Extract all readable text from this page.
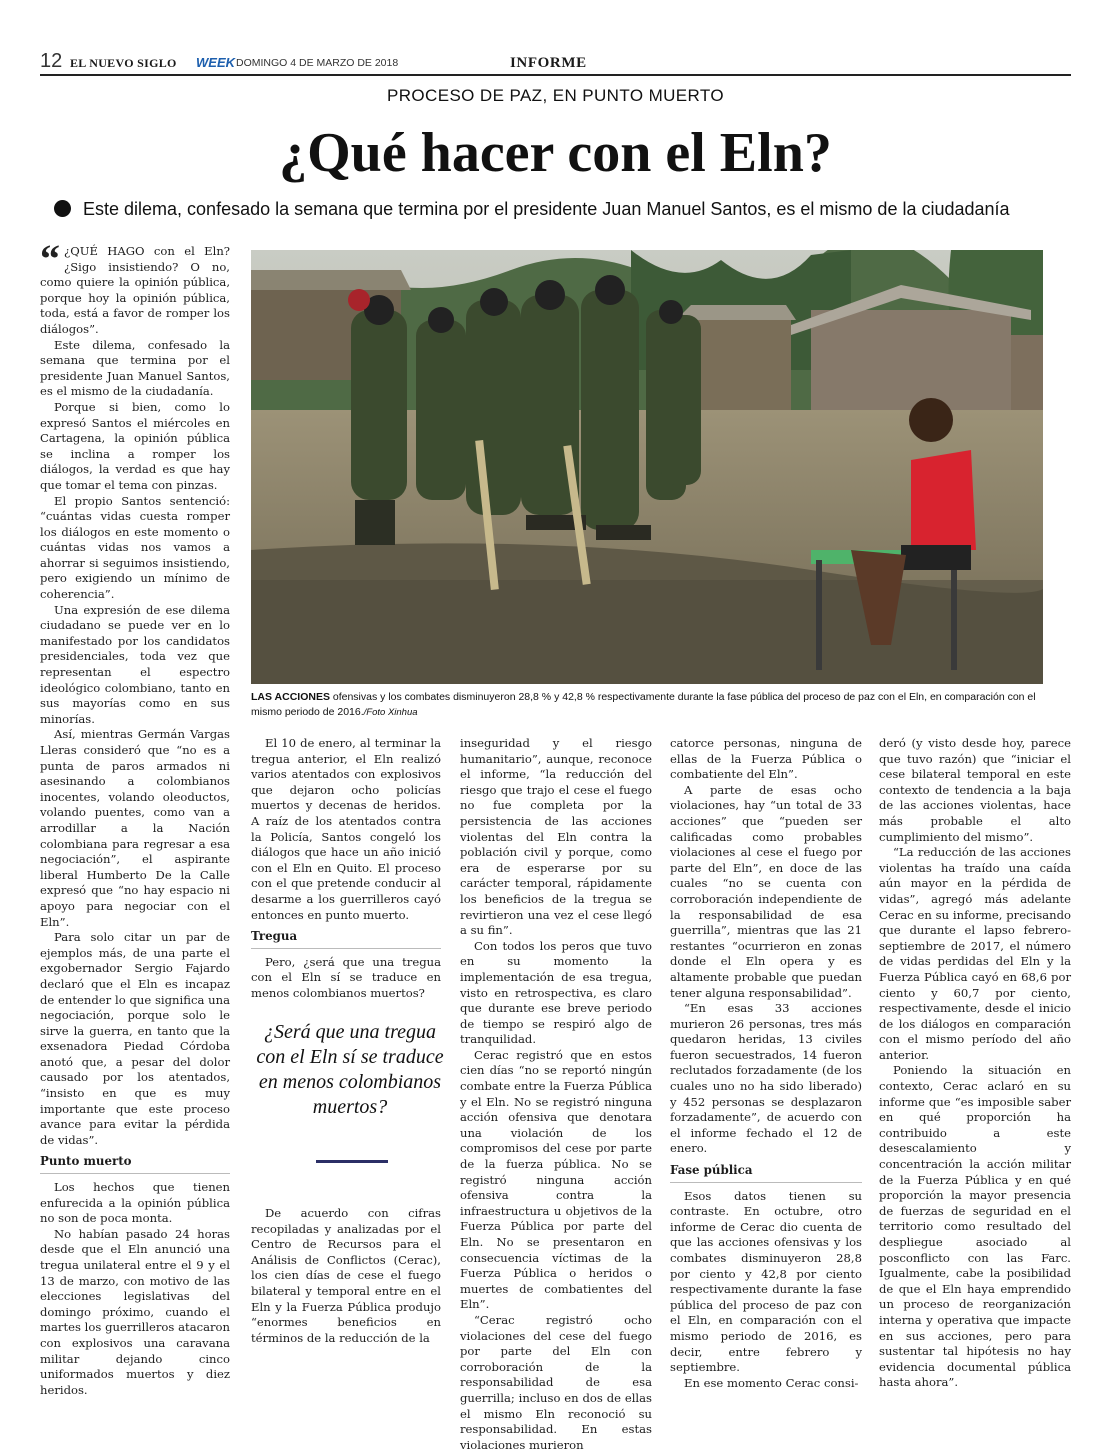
12 EL NUEVO SIGLO WEEK DOMINGO 4 DE MARZO DE 2018	INFORME
PROCESO DE PAZ, EN PUNTO MUERTO
¿Qué hacer con el Eln?
Este dilema, confesado la semana que termina por el presidente Juan Manuel Santos, es el mismo de la ciudadanía
LAS ACCIONES ofensivas y los combates disminuyeron 28,8 % y 42,8 % respectivamente durante la fase pública del proceso de paz con el Eln, en comparación con el mismo periodo de 2016./Foto Xinhua

“ ¿QUÉ HAGO con el Eln? ¿Sigo insistiendo? O no, como quiere la opinión pública, porque hoy la opinión pública, toda, está a favor de romper los diálogos”.

Este dilema, confesado la semana que termina por el presidente Juan Manuel Santos, es el mismo de la ciudadanía.

Porque si bien, como lo expresó Santos el miércoles en Cartagena, la opinión pública se inclina a romper los diálogos, la verdad es que hay que tomar el tema con pinzas.

El propio Santos sentenció: “cuántas vidas cuesta romper los diálogos en este momento o cuántas vidas nos vamos a ahorrar si seguimos insistiendo, pero exigiendo un mínimo de coherencia”.

Una expresión de ese dilema ciudadano se puede ver en lo manifestado por los candidatos presidenciales, toda vez que representan el espectro ideológico colombiano, tanto en sus mayorías como en sus minorías.

Así, mientras Germán Vargas Lleras consideró que “no es a punta de paros armados ni asesinando a colombianos inocentes, volando oleoductos, volando puentes, como van a arrodillar a la Nación colombiana para regresar a esa negociación”, el aspirante liberal Humberto De la Calle expresó que “no hay espacio ni apoyo para negociar con el Eln”.

Para solo citar un par de ejemplos más, de una parte el exgobernador Sergio Fajardo declaró que el Eln es incapaz de entender lo que significa una negociación, porque solo le sirve la guerra, en tanto que la exsenadora Piedad Córdoba anotó que, a pesar del dolor causado por los atentados, “insisto en que es muy importante que este proceso avance para evitar la pérdida de vidas”.

Punto muerto

Los hechos que tienen enfurecida a la opinión pública no son de poca monta.

No habían pasado 24 horas desde que el Eln anunció una tregua unilateral entre el 9 y el 13 de marzo, con motivo de las elecciones legislativas del domingo próximo, cuando el martes los guerrilleros atacaron con explosivos una caravana militar dejando cinco uniformados muertos y diez heridos.

El 10 de enero, al terminar la tregua anterior, el Eln realizó varios atentados con explosivos que dejaron ocho policías muertos y decenas de heridos. A raíz de los atentados contra la Policía, Santos congeló los diálogos que hace un año inició con el Eln en Quito. El proceso con el que pretende conducir al desarme a los guerrilleros cayó entonces en punto muerto.

Tregua

Pero, ¿será que una tregua con el Eln sí se traduce en menos colombianos muertos?

¿Será que una tregua con el Eln sí se traduce en menos colombianos muertos?

De acuerdo con cifras recopiladas y analizadas por el Centro de Recursos para el Análisis de Conflictos (Cerac), los cien días de cese el fuego bilateral y temporal entre en el Eln y la Fuerza Pública produjo “enormes beneficios en términos de la reducción de la

inseguridad y el riesgo humanitario”, aunque, reconoce el informe, “la reducción del riesgo que trajo el cese el fuego no fue completa por la persistencia de las acciones violentas del Eln contra la población civil y porque, como era de esperarse por su carácter temporal, rápidamente los beneficios de la tregua se revirtieron una vez el cese llegó a su fin”.

Con todos los peros que tuvo en su momento la implementación de esa tregua, visto en retrospectiva, es claro que durante ese breve periodo de tiempo se respiró algo de tranquilidad.

Cerac registró que en estos cien días “no se reportó ningún combate entre la Fuerza Pública y el Eln. No se registró ninguna acción ofensiva que denotara una violación de los compromisos del cese por parte de la fuerza pública. No se registró ninguna acción ofensiva contra la infraestructura u objetivos de la Fuerza Pública por parte del Eln. No se presentaron en consecuencia víctimas de la Fuerza Pública o heridos o muertes de combatientes del Eln”.

“Cerac registró ocho violaciones del cese del fuego por parte del Eln con corroboración de la responsabilidad de esa guerrilla; incluso en dos de ellas el mismo Eln reconoció su responsabilidad. En estas violaciones murieron

catorce personas, ninguna de ellas de la Fuerza Pública o combatiente del Eln”.

A parte de esas ocho violaciones, hay “un total de 33 acciones” que “pueden ser calificadas como probables violaciones al cese el fuego por parte del Eln”, en doce de las cuales “no se cuenta con corroboración independiente de la responsabilidad de esa guerrilla”, mientras que las 21 restantes “ocurrieron en zonas donde el Eln opera y es altamente probable que puedan tener alguna responsabilidad”.

“En esas 33 acciones murieron 26 personas, tres más quedaron heridas, 13 civiles fueron secuestrados, 14 fueron reclutados forzadamente (de los cuales uno no ha sido liberado) y 452 personas se desplazaron forzadamente”, de acuerdo con el informe fechado el 12 de enero.

Fase pública

Esos datos tienen su contraste. En octubre, otro informe de Cerac dio cuenta de que las acciones ofensivas y los combates disminuyeron 28,8 por ciento y 42,8 por ciento respectivamente durante la fase pública del proceso de paz con el Eln, en comparación con el mismo periodo de 2016, es decir, entre febrero y septiembre.

En ese momento Cerac consi-

deró (y visto desde hoy, parece que tuvo razón) que “iniciar el cese bilateral temporal en este contexto de tendencia a la baja de las acciones violentas, hace más probable el alto cumplimiento del mismo”.

“La reducción de las acciones violentas ha traído una caída aún mayor en la pérdida de vidas”, agregó más adelante Cerac en su informe, precisando que durante el lapso febrero-septiembre de 2017, el número de vidas perdidas del Eln y la Fuerza Pública cayó en 68,6 por ciento y 60,7 por ciento, respectivamente, desde el inicio de los diálogos en comparación con el mismo período del año anterior.

Poniendo la situación en contexto, Cerac aclaró en su informe que “es imposible saber en qué proporción ha contribuido a este desescalamiento y concentración la acción militar de la Fuerza Pública y en qué proporción la mayor presencia de fuerzas de seguridad en el territorio como resultado del despliegue asociado al posconflicto con las Farc. Igualmente, cabe la posibilidad de que el Eln haya emprendido un proceso de reorganización interna y operativa que impacte en sus acciones, pero para sustentar tal hipótesis no hay evidencia documental pública hasta ahora”.
